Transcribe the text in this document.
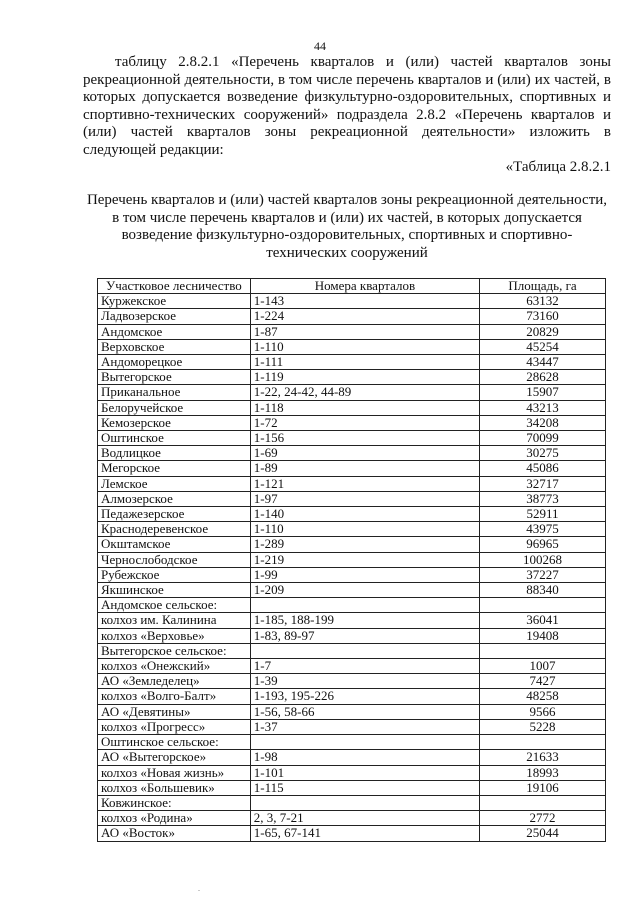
44

таблицу 2.8.2.1 «Перечень кварталов и (или) частей кварталов зоны рекреационной деятельности, в том числе перечень кварталов и (или) их частей, в которых допускается возведение физкультурно-оздоровительных, спортивных и спортивно-технических сооружений» подраздела 2.8.2 «Перечень кварталов и (или) частей кварталов зоны рекреационной деятельности» изложить в следующей редакции:

«Таблица 2.8.2.1
Перечень кварталов и (или) частей кварталов зоны рекреационной деятельности,
в том числе перечень кварталов и (или) их частей, в которых допускается
возведение физкультурно-оздоровительных, спортивных и спортивно-
технических сооружений
Участковое лесничество	Номера кварталов	Площадь, га
Куржекское	1-143	63132
Ладвозерское	1-224	73160
Андомское	1-87	20829
Верховское	1-110	45254
Андоморецкое	1-111	43447
Вытегорское	1-119	28628
Приканальное	1-22, 24-42, 44-89	15907
Белоручейское	1-118	43213
Кемозерское	1-72	34208
Оштинское	1-156	70099
Водлицкое	1-69	30275
Мегорское	1-89	45086
Лемское	1-121	32717
Алмозерское	1-97	38773
Педажезерское	1-140	52911
Краснодеревенское	1-110	43975
Окштамское	1-289	96965
Чернослободское	1-219	100268
Рубежское	1-99	37227
Якшинское	1-209	88340
Андомское сельское:		
колхоз им. Калинина	1-185, 188-199	36041
колхоз «Верховье»	1-83, 89-97	19408
Вытегорское сельское:		
колхоз «Онежский»	1-7	1007
АО «Земледелец»	1-39	7427
колхоз «Волго-Балт»	1-193, 195-226	48258
АО «Девятины»	1-56, 58-66	9566
колхоз «Прогресс»	1-37	5228
Оштинское сельское:		
АО «Вытегорское»	1-98	21633
колхоз «Новая жизнь»	1-101	18993
колхоз «Большевик»	1-115	19106
Ковжинское:		
колхоз «Родина»	2, 3, 7-21	2772
АО «Восток»	1-65, 67-141	25044
.
